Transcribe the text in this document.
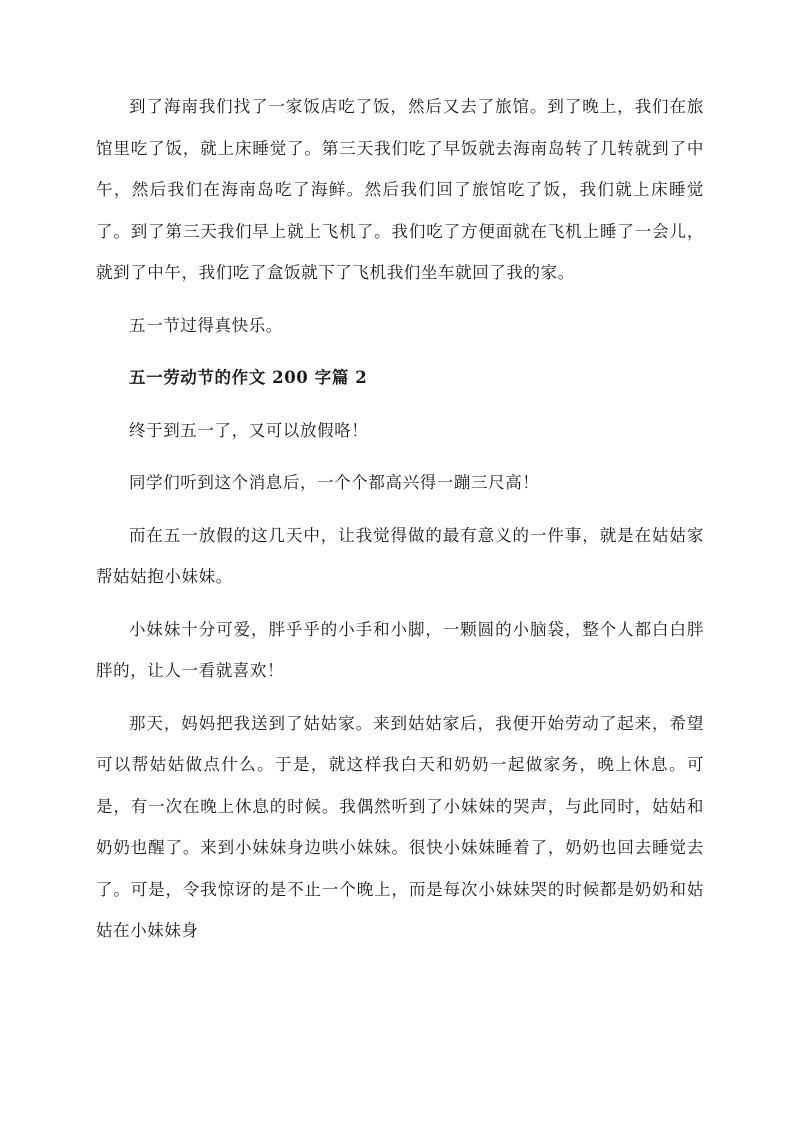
到了海南我们找了一家饭店吃了饭，然后又去了旅馆。到了晚上，我们在旅馆里吃了饭，就上床睡觉了。第三天我们吃了早饭就去海南岛转了几转就到了中午，然后我们在海南岛吃了海鲜。然后我们回了旅馆吃了饭，我们就上床睡觉了。到了第三天我们早上就上飞机了。我们吃了方便面就在飞机上睡了一会儿，就到了中午，我们吃了盒饭就下了飞机我们坐车就回了我的家。

五一节过得真快乐。

五一劳动节的作文 200 字篇 2

终于到五一了，又可以放假咯！

同学们听到这个消息后，一个个都高兴得一蹦三尺高！

而在五一放假的这几天中，让我觉得做的最有意义的一件事，就是在姑姑家帮姑姑抱小妹妹。

小妹妹十分可爱，胖乎乎的小手和小脚，一颗圆的小脑袋，整个人都白白胖胖的，让人一看就喜欢！

那天，妈妈把我送到了姑姑家。来到姑姑家后，我便开始劳动了起来，希望可以帮姑姑做点什么。于是，就这样我白天和奶奶一起做家务，晚上休息。可是，有一次在晚上休息的时候。我偶然听到了小妹妹的哭声，与此同时，姑姑和奶奶也醒了。来到小妹妹身边哄小妹妹。很快小妹妹睡着了，奶奶也回去睡觉去了。可是，令我惊讶的是不止一个晚上，而是每次小妹妹哭的时候都是奶奶和姑姑在小妹妹身
